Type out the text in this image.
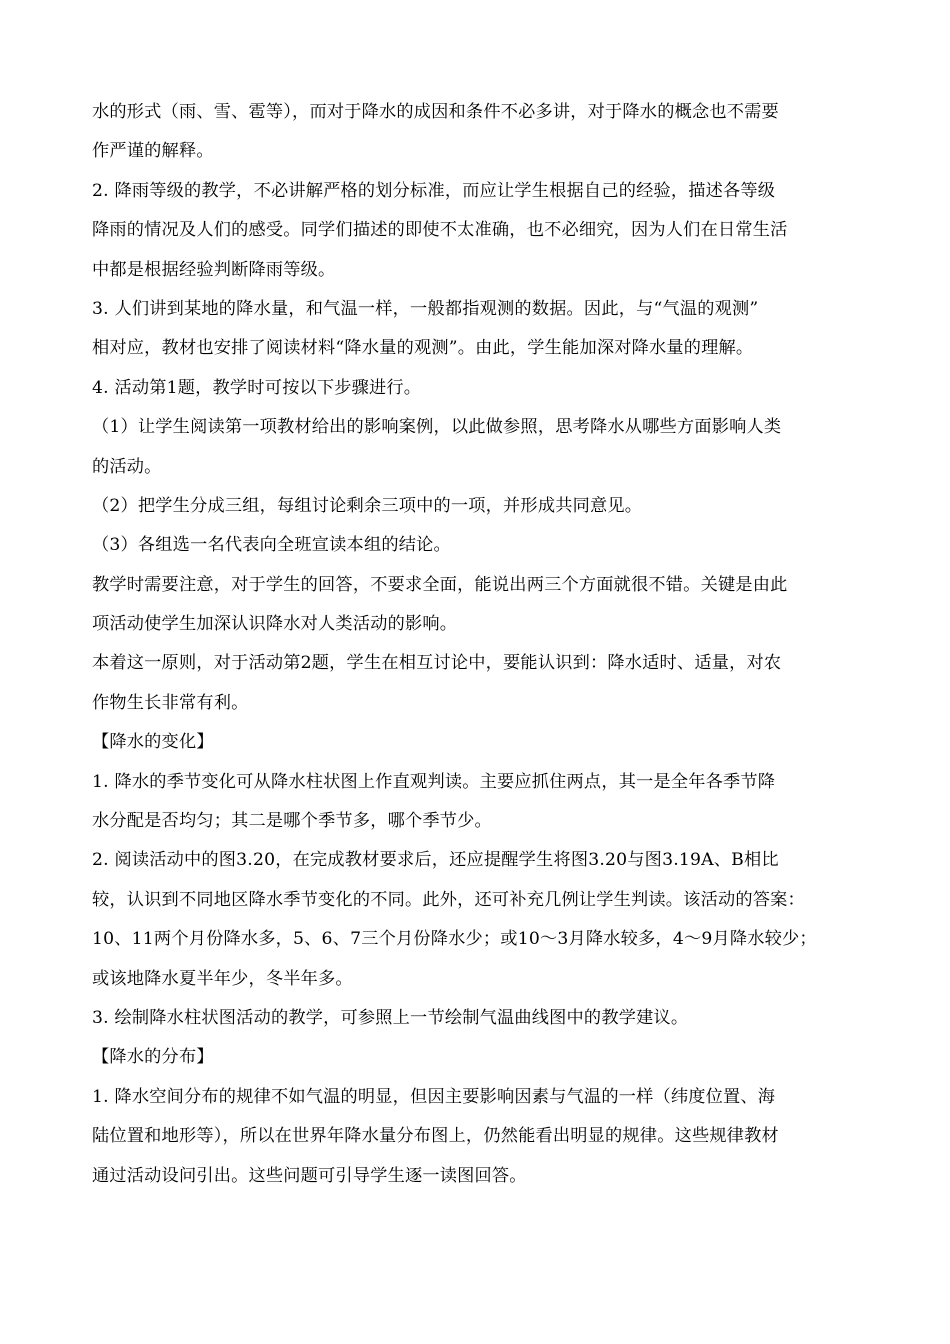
水的形式（雨、雪、雹等），而对于降水的成因和条件不必多讲，对于降水的概念也不需要
作严谨的解释。
2. 降雨等级的教学，不必讲解严格的划分标准，而应让学生根据自己的经验，描述各等级
降雨的情况及人们的感受。同学们描述的即使不太准确，也不必细究，因为人们在日常生活
中都是根据经验判断降雨等级。
3. 人们讲到某地的降水量，和气温一样，一般都指观测的数据。因此，与“气温的观测”
相对应，教材也安排了阅读材料“降水量的观测”。由此，学生能加深对降水量的理解。
4. 活动第1题，教学时可按以下步骤进行。
（1）让学生阅读第一项教材给出的影响案例，以此做参照，思考降水从哪些方面影响人类
的活动。
（2）把学生分成三组，每组讨论剩余三项中的一项，并形成共同意见。
（3）各组选一名代表向全班宣读本组的结论。
教学时需要注意，对于学生的回答，不要求全面，能说出两三个方面就很不错。关键是由此
项活动使学生加深认识降水对人类活动的影响。
本着这一原则，对于活动第2题，学生在相互讨论中，要能认识到：降水适时、适量，对农
作物生长非常有利。
【降水的变化】
1. 降水的季节变化可从降水柱状图上作直观判读。主要应抓住两点，其一是全年各季节降
水分配是否均匀；其二是哪个季节多，哪个季节少。
2. 阅读活动中的图3.20，在完成教材要求后，还应提醒学生将图3.20与图3.19A、B相比
较，认识到不同地区降水季节变化的不同。此外，还可补充几例让学生判读。该活动的答案：
10、11两个月份降水多，5、6、7三个月份降水少；或10～3月降水较多，4～9月降水较少；
或该地降水夏半年少，冬半年多。
3. 绘制降水柱状图活动的教学，可参照上一节绘制气温曲线图中的教学建议。
【降水的分布】
1. 降水空间分布的规律不如气温的明显，但因主要影响因素与气温的一样（纬度位置、海
陆位置和地形等），所以在世界年降水量分布图上，仍然能看出明显的规律。这些规律教材
通过活动设问引出。这些问题可引导学生逐一读图回答。
